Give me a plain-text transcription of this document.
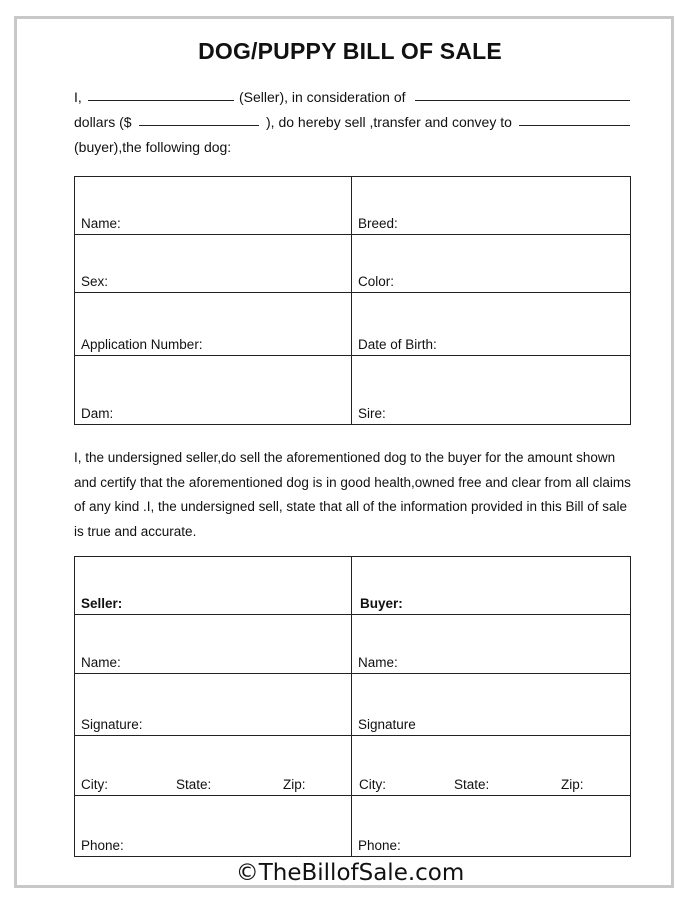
DOG/PUPPY BILL OF SALE
I,	(Seller), in consideration of
dollars ($	), do hereby sell ,transfer and convey to
(buyer),the following dog:
Name:	Breed:
Sex:	Color:
Application Number:	Date of Birth:
Dam:	Sire:
I, the undersigned seller,do sell the aforementioned dog to the buyer for the amount shown and certify that the aforementioned dog is in good health,owned free and clear from all claims of any kind .I, the undersigned sell, state that all of the information provided in this Bill of sale is true and accurate.
Seller:	Buyer:
Name:	Name:
Signature:	Signature

City: State: Zip:	City: State: Zip:

Phone:	Phone:
©TheBillofSale.com
